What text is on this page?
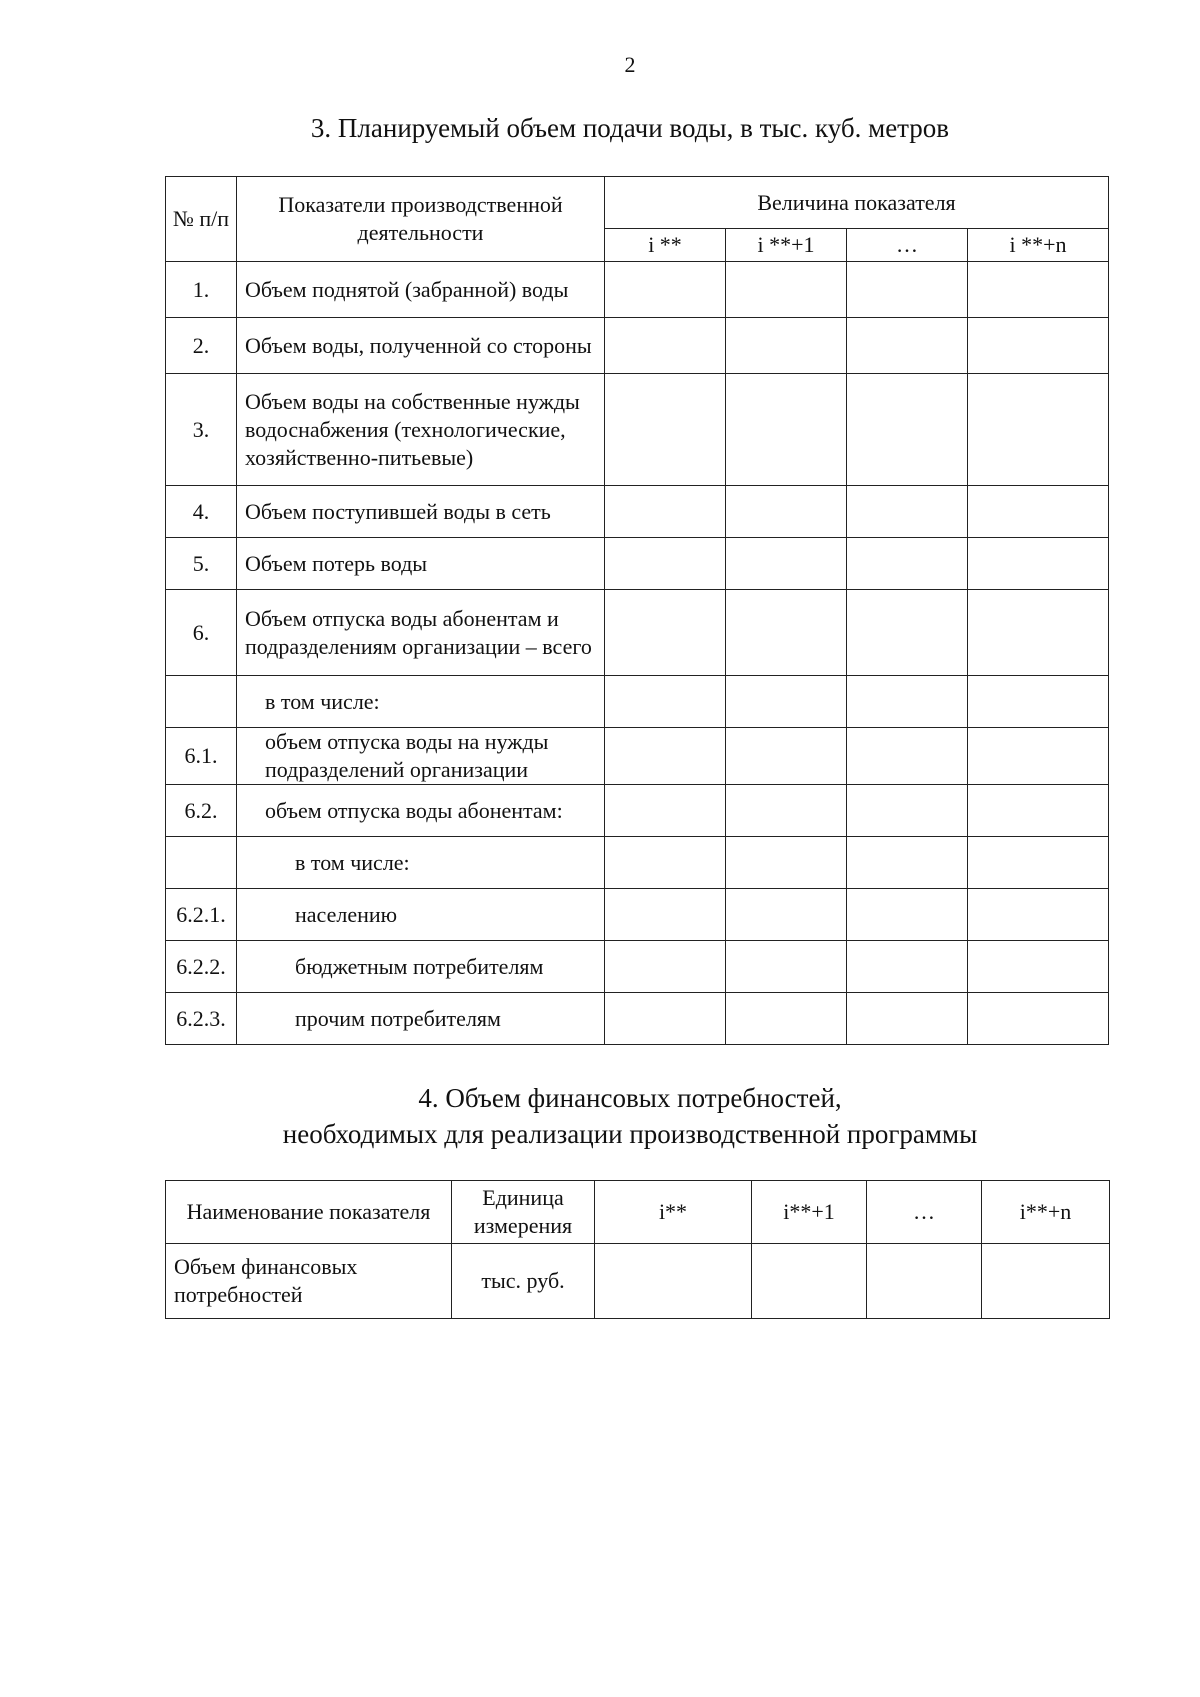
2
3. Планируемый объем подачи воды, в тыс. куб. метров
№ п/п	Показатели производственной деятельности	Величина показателя			
		i **	i **+1	…	i **+n
1.	Объем поднятой (забранной) воды				
2.	Объем воды, полученной со стороны				
3.	Объем воды на собственные нужды водоснабжения (технологические, хозяйственно-питьевые)				
4.	Объем поступившей воды в сеть				
5.	Объем потерь воды				
6.	Объем отпуска воды абонентам и подразделениям организации – всего				
	в том числе:				
6.1.	объем отпуска воды на нужды подразделений организации				
6.2.	объем отпуска воды абонентам:				
	в том числе:				
6.2.1.	населению				
6.2.2.	бюджетным потребителям				
6.2.3.	прочим потребителям				
4. Объем финансовых потребностей,
необходимых для реализации производственной программы
Наименование показателя	Единица измерения	i**	i**+1	…	i**+n
Объем финансовых потребностей	тыс. руб.				
